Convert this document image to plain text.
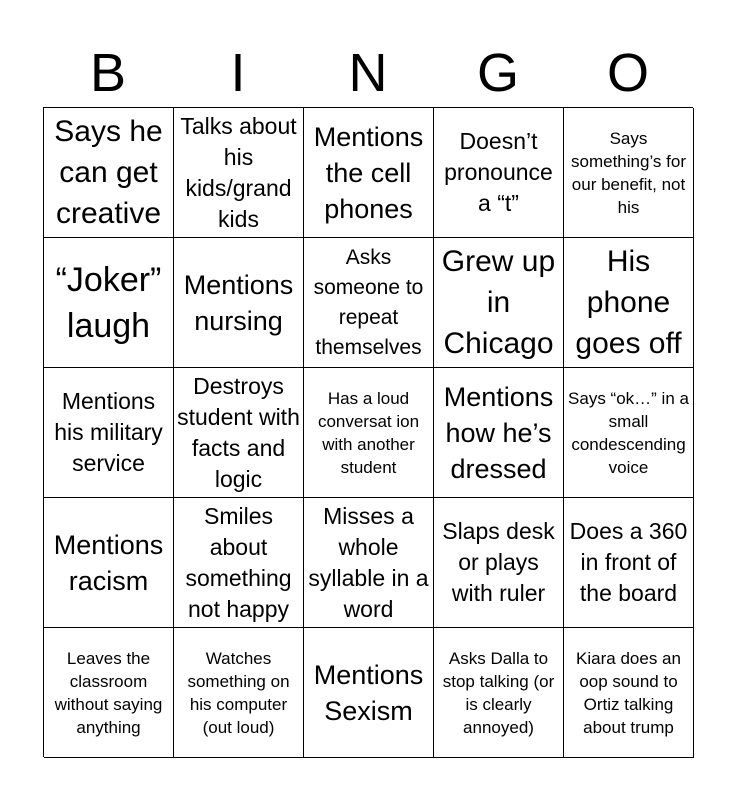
B	I	N	G	O
Says he can get creative
Talks about his kids/grand kids
Mentions the cell phones
Doesn’t pronounce a “t”
Says something’s for our benefit, not his
“Joker” laugh
Mentions nursing
Asks someone to repeat themselves
Grew up in Chicago
His phone goes off
Mentions his military service
Destroys student with facts and logic
Has a loud conversat ion with another student
Mentions how he’s dressed
Says “ok…” in a small condescending voice
Mentions racism
Smiles about something not happy
Misses a whole syllable in a word
Slaps desk or plays with ruler
Does a 360 in front of the board
Leaves the classroom without saying anything
Watches something on his computer (out loud)
Mentions Sexism
Asks Dalla to stop talking (or is clearly annoyed)
Kiara does an oop sound to Ortiz talking about trump
